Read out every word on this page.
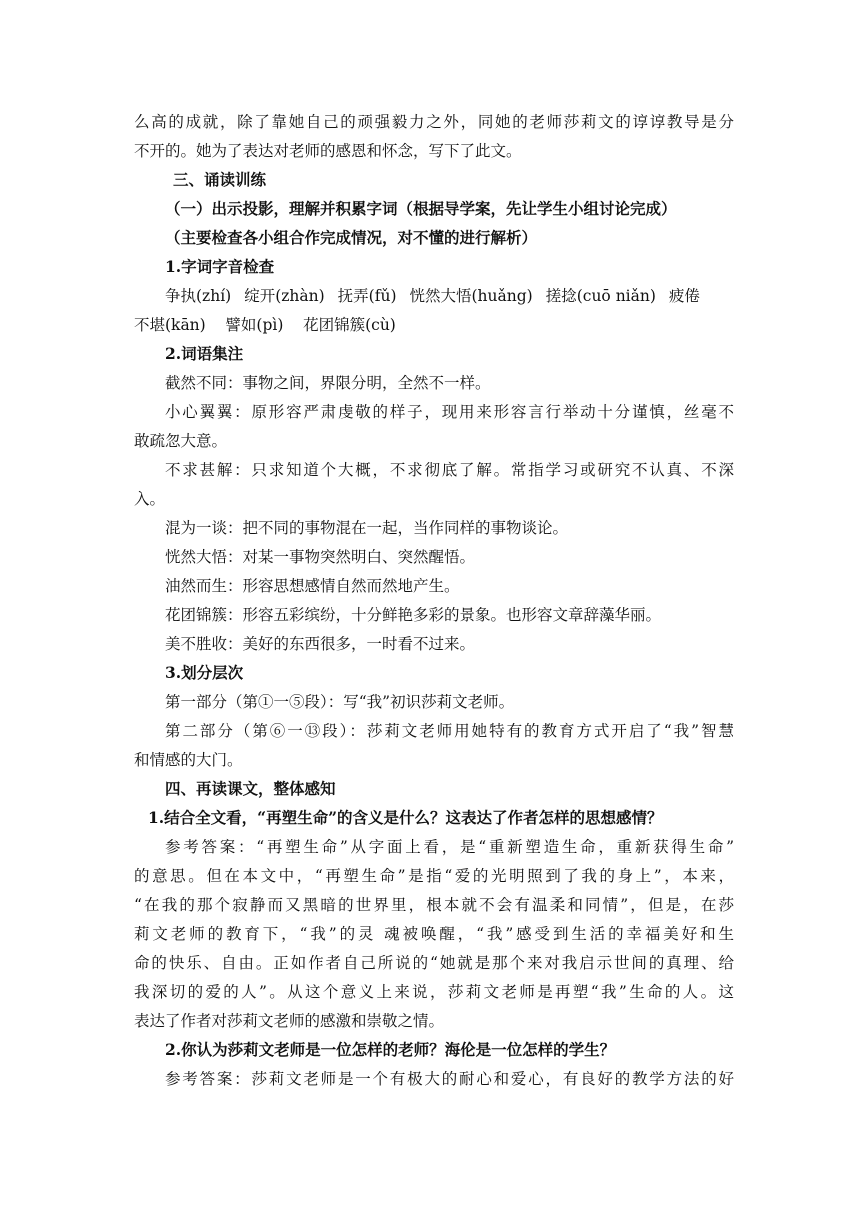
么高的成就，除了靠她自己的顽强毅力之外，同她的老师莎莉文的谆谆教导是分
不开的。她为了表达对老师的感恩和怀念，写下了此文。
三、诵读训练
（一）出示投影，理解并积累字词（根据导学案，先让学生小组讨论完成）
（主要检查各小组合作完成情况，对不懂的进行解析）
1.字词字音检查
争执(zhí) 绽开(zhàn) 抚弄(fǔ) 恍然大悟(huǎng) 搓捻(cuō niǎn) 疲倦
不堪(kān)    譬如(pì)    花团锦簇(cù)
2.词语集注
截然不同：事物之间，界限分明，全然不一样。
小心翼翼：原形容严肃虔敬的样子，现用来形容言行举动十分谨慎，丝毫不
敢疏忽大意。
不求甚解：只求知道个大概，不求彻底了解。常指学习或研究不认真、不深
入。
混为一谈：把不同的事物混在一起，当作同样的事物谈论。
恍然大悟：对某一事物突然明白、突然醒悟。
油然而生：形容思想感情自然而然地产生。
花团锦簇：形容五彩缤纷，十分鲜艳多彩的景象。也形容文章辞藻华丽。
美不胜收：美好的东西很多，一时看不过来。
3.划分层次
第一部分（第①一⑤段）：写“我”初识莎莉文老师。
第二部分（第⑥一⑬段）：莎莉文老师用她特有的教育方式开启了“我”智慧
和情感的大门。
四、再读课文，整体感知
1.结合全文看，“再塑生命”的含义是什么？这表达了作者怎样的思想感情？
参考答案：“再塑生命”从字面上看，是“重新塑造生命，重新获得生命”
的意思。但在本文中，“再塑生命”是指“爱的光明照到了我的身上”，本来，
“在我的那个寂静而又黑暗的世界里，根本就不会有温柔和同情”，但是，在莎
莉文老师的教育下，“我”的灵 魂被唤醒，“我”感受到生活的幸福美好和生
命的快乐、自由。正如作者自己所说的“她就是那个来对我启示世间的真理、给
我深切的爱的人”。从这个意义上来说，莎莉文老师是再塑“我”生命的人。这
表达了作者对莎莉文老师的感激和崇敬之情。
2.你认为莎莉文老师是一位怎样的老师？海伦是一位怎样的学生？
参考答案：莎莉文老师是一个有极大的耐心和爱心，有良好的教学方法的好
